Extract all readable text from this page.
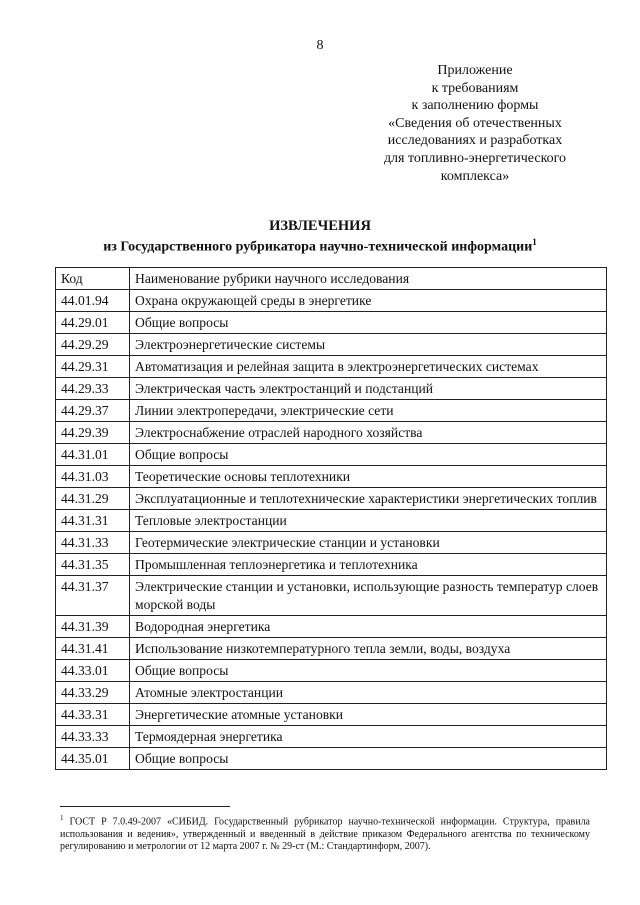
8
Приложение
к требованиям
к заполнению формы
«Сведения об отечественных
исследованиях и разработках
для топливно-энергетического
комплекса»
ИЗВЛЕЧЕНИЯ
из Государственного рубрикатора научно-технической информации$^1$
Код	Наименование рубрики научного исследования
44.01.94	Охрана окружающей среды в энергетике
44.29.01	Общие вопросы
44.29.29	Электроэнергетические системы
44.29.31	Автоматизация и релейная защита в электроэнергетических системах
44.29.33	Электрическая часть электростанций и подстанций
44.29.37	Линии электропередачи, электрические сети
44.29.39	Электроснабжение отраслей народного хозяйства
44.31.01	Общие вопросы
44.31.03	Теоретические основы теплотехники
44.31.29	Эксплуатационные и теплотехнические характеристики энергетических топлив
44.31.31	Тепловые электростанции
44.31.33	Геотермические электрические станции и установки
44.31.35	Промышленная теплоэнергетика и теплотехника
44.31.37	Электрические станции и установки, использующие разность температур слоев морской воды
44.31.39	Водородная энергетика
44.31.41	Использование низкотемпературного тепла земли, воды, воздуха
44.33.01	Общие вопросы
44.33.29	Атомные электростанции
44.33.31	Энергетические атомные установки
44.33.33	Термоядерная энергетика
44.35.01	Общие вопросы
$^1$ ГОСТ Р 7.0.49-2007 «СИБИД. Государственный рубрикатор научно-технической информации. Структура, правила использования и ведения», утвержденный и введенный в действие приказом Федерального агентства по техническому регулированию и метрологии от 12 марта 2007 г. № 29-ст (М.: Стандартинформ, 2007).
